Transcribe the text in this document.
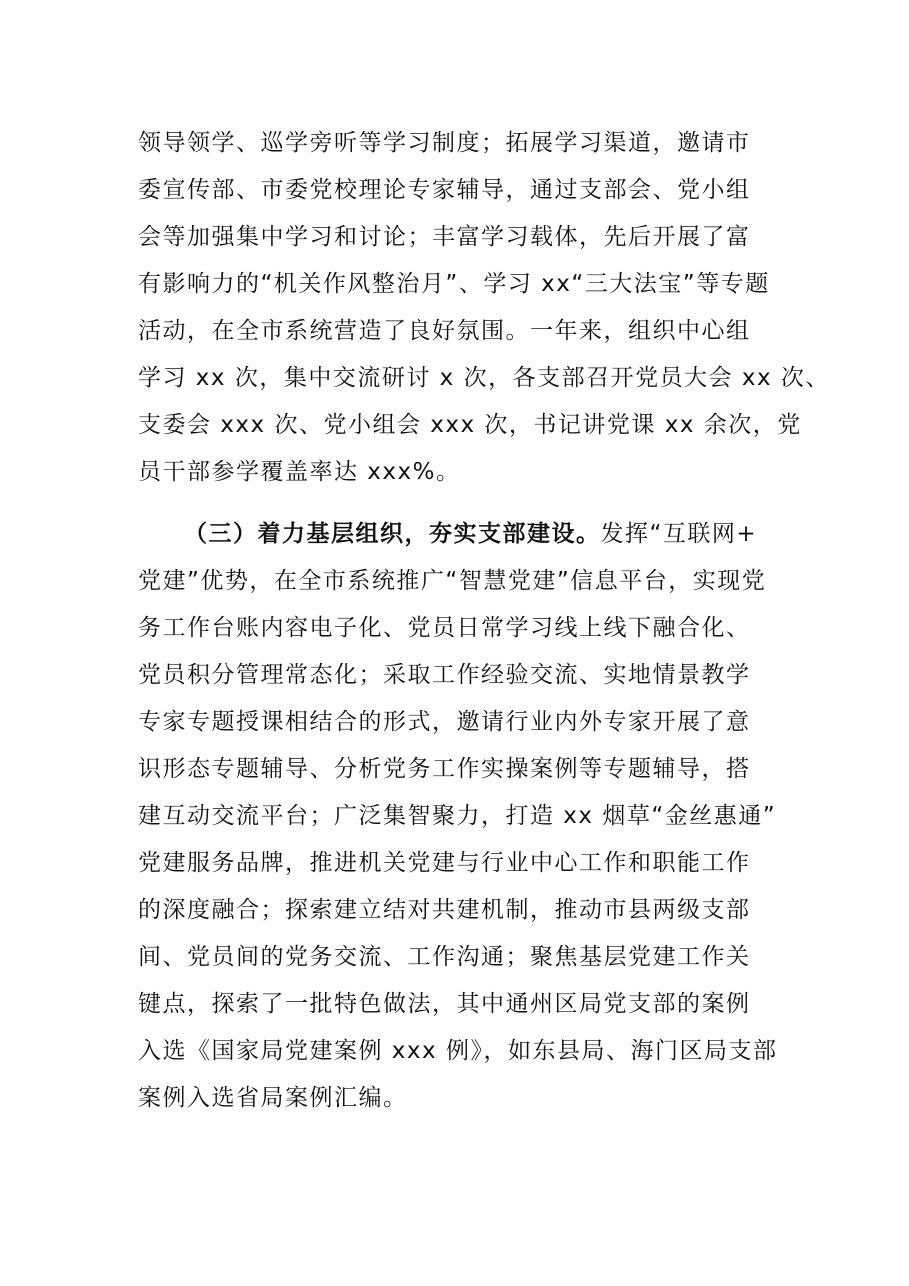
领导领学、巡学旁听等学习制度；拓展学习渠道，邀请市
委宣传部、市委党校理论专家辅导，通过支部会、党小组
会等加强集中学习和讨论；丰富学习载体，先后开展了富
有影响力的“机关作风整治月”、学习 xx“三大法宝”等专题
活动，在全市系统营造了良好氛围。一年来，组织中心组
学习 xx 次，集中交流研讨 x 次，各支部召开党员大会 xx 次、
支委会 xxx 次、党小组会 xxx 次，书记讲党课 xx 余次，党
员干部参学覆盖率达 xxx%。
（三）着力基层组织，夯实支部建设。发挥“互联网+
党建”优势，在全市系统推广“智慧党建”信息平台，实现党
务工作台账内容电子化、党员日常学习线上线下融合化、
党员积分管理常态化；采取工作经验交流、实地情景教学
专家专题授课相结合的形式，邀请行业内外专家开展了意
识形态专题辅导、分析党务工作实操案例等专题辅导，搭
建互动交流平台；广泛集智聚力，打造 xx 烟草“金丝惠通”
党建服务品牌，推进机关党建与行业中心工作和职能工作
的深度融合；探索建立结对共建机制，推动市县两级支部
间、党员间的党务交流、工作沟通；聚焦基层党建工作关
键点，探索了一批特色做法，其中通州区局党支部的案例
入选《国家局党建案例 xxx 例》，如东县局、海门区局支部
案例入选省局案例汇编。
